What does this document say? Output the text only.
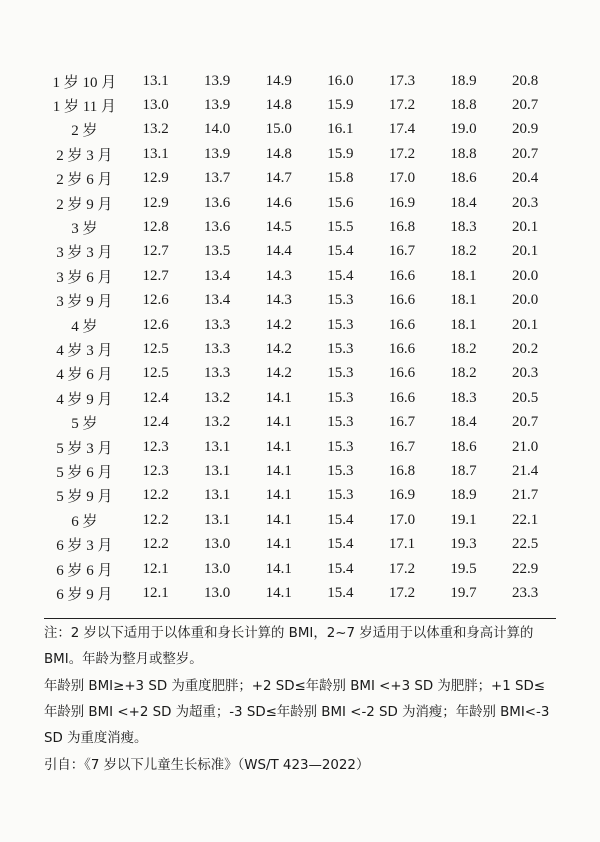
1 岁 10 月	13.1	13.9	14.9	16.0	17.3	18.9	20.8
1 岁 11 月	13.0	13.9	14.8	15.9	17.2	18.8	20.7
2 岁	13.2	14.0	15.0	16.1	17.4	19.0	20.9
2 岁 3 月	13.1	13.9	14.8	15.9	17.2	18.8	20.7
2 岁 6 月	12.9	13.7	14.7	15.8	17.0	18.6	20.4
2 岁 9 月	12.9	13.6	14.6	15.6	16.9	18.4	20.3
3 岁	12.8	13.6	14.5	15.5	16.8	18.3	20.1
3 岁 3 月	12.7	13.5	14.4	15.4	16.7	18.2	20.1
3 岁 6 月	12.7	13.4	14.3	15.4	16.6	18.1	20.0
3 岁 9 月	12.6	13.4	14.3	15.3	16.6	18.1	20.0
4 岁	12.6	13.3	14.2	15.3	16.6	18.1	20.1
4 岁 3 月	12.5	13.3	14.2	15.3	16.6	18.2	20.2
4 岁 6 月	12.5	13.3	14.2	15.3	16.6	18.2	20.3
4 岁 9 月	12.4	13.2	14.1	15.3	16.6	18.3	20.5
5 岁	12.4	13.2	14.1	15.3	16.7	18.4	20.7
5 岁 3 月	12.3	13.1	14.1	15.3	16.7	18.6	21.0
5 岁 6 月	12.3	13.1	14.1	15.3	16.8	18.7	21.4
5 岁 9 月	12.2	13.1	14.1	15.3	16.9	18.9	21.7
6 岁	12.2	13.1	14.1	15.4	17.0	19.1	22.1
6 岁 3 月	12.2	13.0	14.1	15.4	17.1	19.3	22.5
6 岁 6 月	12.1	13.0	14.1	15.4	17.2	19.5	22.9
6 岁 9 月	12.1	13.0	14.1	15.4	17.2	19.7	23.3

注：2 岁以下适用于以体重和身长计算的 BMI，2~7 岁适用于以体重和身高计算的 BMI。年龄为整月或整岁。

年龄别 BMI≥+3 SD 为重度肥胖；+2 SD≤年龄别 BMI <+3 SD 为肥胖；+1 SD≤年龄别 BMI <+2 SD 为超重；-3 SD≤年龄别 BMI <-2 SD 为消瘦；年龄别 BMI<-3 SD 为重度消瘦。

引自：《7 岁以下儿童生长标准》（WS/T 423—2022）
